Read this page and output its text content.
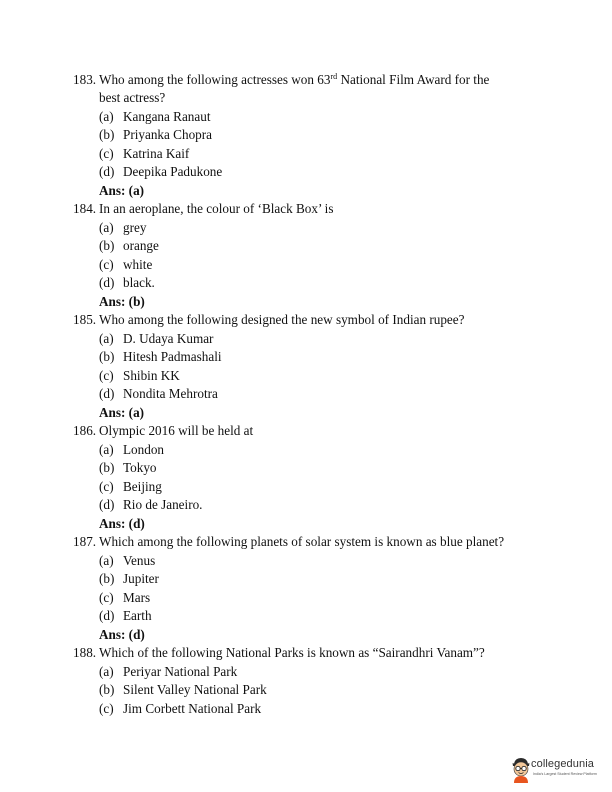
183. Who among the following actresses won 63rd National Film Award for the
best actress?
(a) Kangana Ranaut
(b) Priyanka Chopra
(c) Katrina Kaif
(d) Deepika Padukone
Ans: (a)
184. In an aeroplane, the colour of ‘Black Box’ is
(a) grey
(b) orange
(c) white
(d) black.
Ans: (b)
185. Who among the following designed the new symbol of Indian rupee?
(a) D. Udaya Kumar
(b) Hitesh Padmashali
(c) Shibin KK
(d) Nondita Mehrotra
Ans: (a)
186. Olympic 2016 will be held at
(a) London
(b) Tokyo
(c) Beijing
(d) Rio de Janeiro.
Ans: (d)
187. Which among the following planets of solar system is known as blue planet?
(a) Venus
(b) Jupiter
(c) Mars
(d) Earth
Ans: (d)
188. Which of the following National Parks is known as “Sairandhri Vanam”?
(a) Periyar National Park
(b) Silent Valley National Park
(c) Jim Corbett National Park
collegedunia
India's Largest Student Review Platform
